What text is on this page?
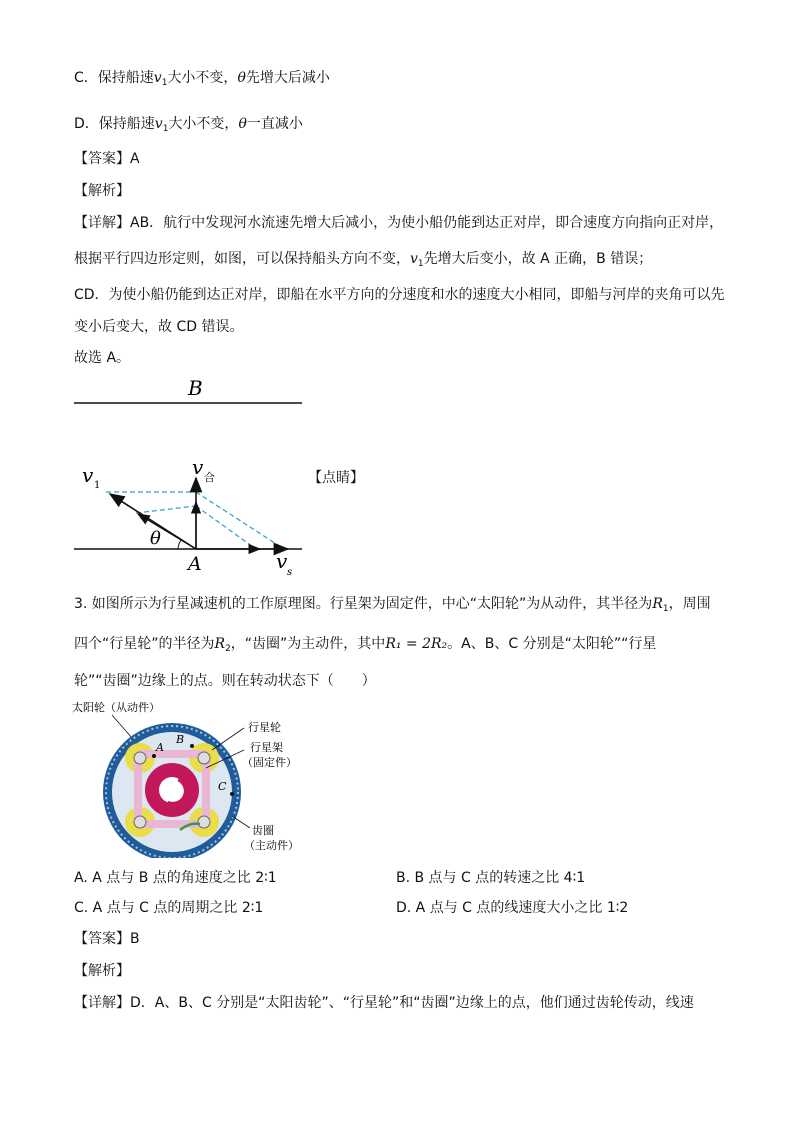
C．保持船速$v_1$大小不变，θ先增大后减小
D．保持船速$v_1$大小不变，θ一直减小
【答案】A
【解析】
【详解】AB．航行中发现河水流速先增大后减小，为使小船仍能到达正对岸，即合速度方向指向正对岸，
根据平行四边形定则，如图，可以保持船头方向不变，$v_1$先增大后变小，故 A 正确，B 错误；
CD．为使小船仍能到达正对岸，即船在水平方向的分速度和水的速度大小相同，即船与河岸的夹角可以先
变小后变大，故 CD 错误。
故选 A。
B
θ
A
v 1
v 合
v s
【点睛】
3. 如图所示为行星减速机的工作原理图。行星架为固定件，中心“太阳轮”为从动件，其半径为$R_1$，周围
四个“行星轮”的半径为$R_2$，“齿圈”为主动件，其中R₁ = 2R₂。A、B、C 分别是“太阳轮”“行星
轮”“齿圈”边缘上的点。则在转动状态下（　　）
太阳轮（从动件）
A
B
C
行星轮
行星架
（固定件）
齿圈
（主动件）
A. A 点与 B 点的角速度之比 2∶1	B. B 点与 C 点的转速之比 4∶1
C. A 点与 C 点的周期之比 2∶1	D. A 点与 C 点的线速度大小之比 1∶2
【答案】B
【解析】
【详解】D．A、B、C 分别是“太阳齿轮”、“行星轮”和“齿圈”边缘上的点，他们通过齿轮传动，线速
